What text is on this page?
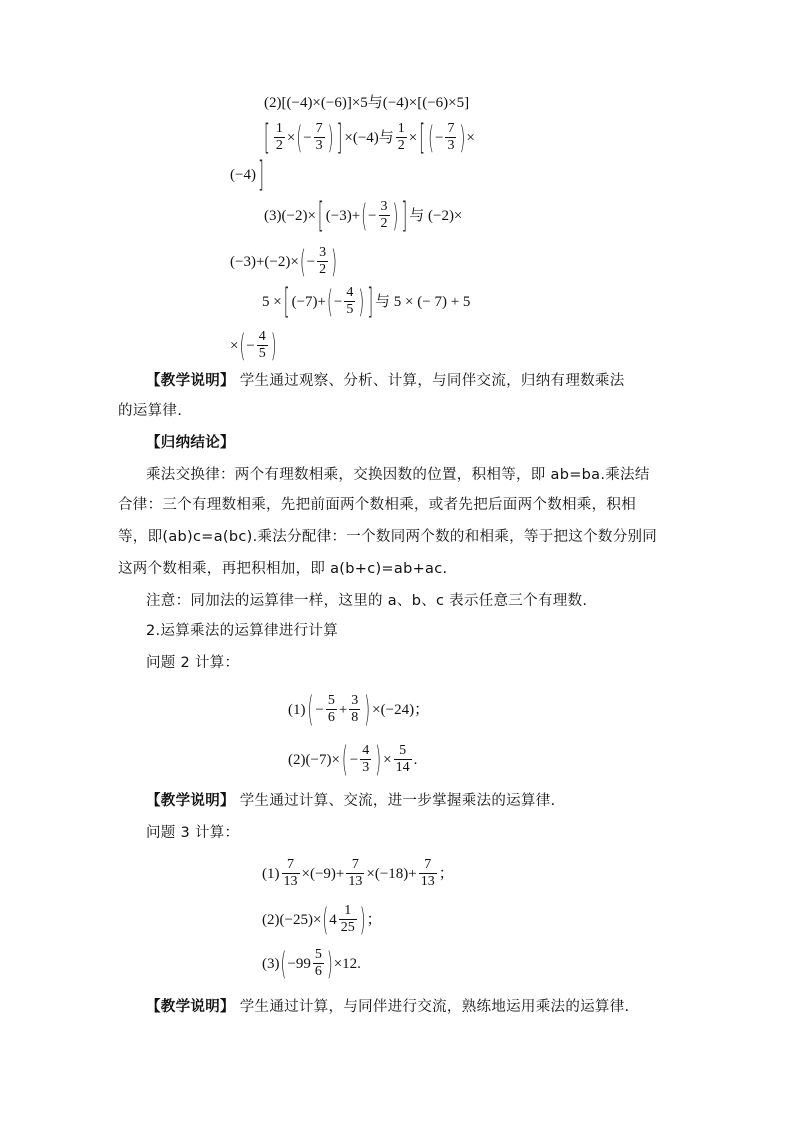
(2)[(−4)×(−6)]×5与(−4)×[(−6)×5]
[ $\frac{1}{2}$ × ( − $\frac{7}{3}$ ) ] ×(−4)与 $\frac{1}{2}$ × [ ( − $\frac{7}{3}$ ) ×
(−4) ]
(3)(−2)× [ (−3)+ ( − $\frac{3}{2}$ ) ] 与 (−2)×
(−3)+(−2)× ( − $\frac{3}{2}$ )
5 × [ (−7)+ ( − $\frac{4}{5}$ ) ] 与 5 × (− 7) + 5
× ( − $\frac{4}{5}$ )
【教学说明】 学生通过观察、分析、计算，与同伴交流，归纳有理数乘法
的运算律.
【归纳结论】
乘法交换律：两个有理数相乘，交换因数的位置，积相等，即 ab=ba.乘法结
合律：三个有理数相乘，先把前面两个数相乘，或者先把后面两个数相乘，积相
等，即(ab)c=a(bc).乘法分配律：一个数同两个数的和相乘，等于把这个数分别同
这两个数相乘，再把积相加，即 a(b+c)=ab+ac.
注意：同加法的运算律一样，这里的 a、b、c 表示任意三个有理数.
2.运算乘法的运算律进行计算
问题 2 计算：
(1) ( − $\frac{5}{6} + \frac{3}{8}$ ) ×(−24)；
(2)(−7)× ( − $\frac{4}{3}$ ) × $\frac{5}{14}$ .
【教学说明】 学生通过计算、交流，进一步掌握乘法的运算律.
问题 3 计算：
$(1) \frac{7}{13} \times(-9)+ \frac{7}{13} \times(-18)+ \frac{7}{13}$ ；
(2)(−25)× ( $4 \frac{1}{25}$ ) ；
(3) ( $-99 \frac{5}{6}$ ) ×12.
【教学说明】 学生通过计算，与同伴进行交流，熟练地运用乘法的运算律.
